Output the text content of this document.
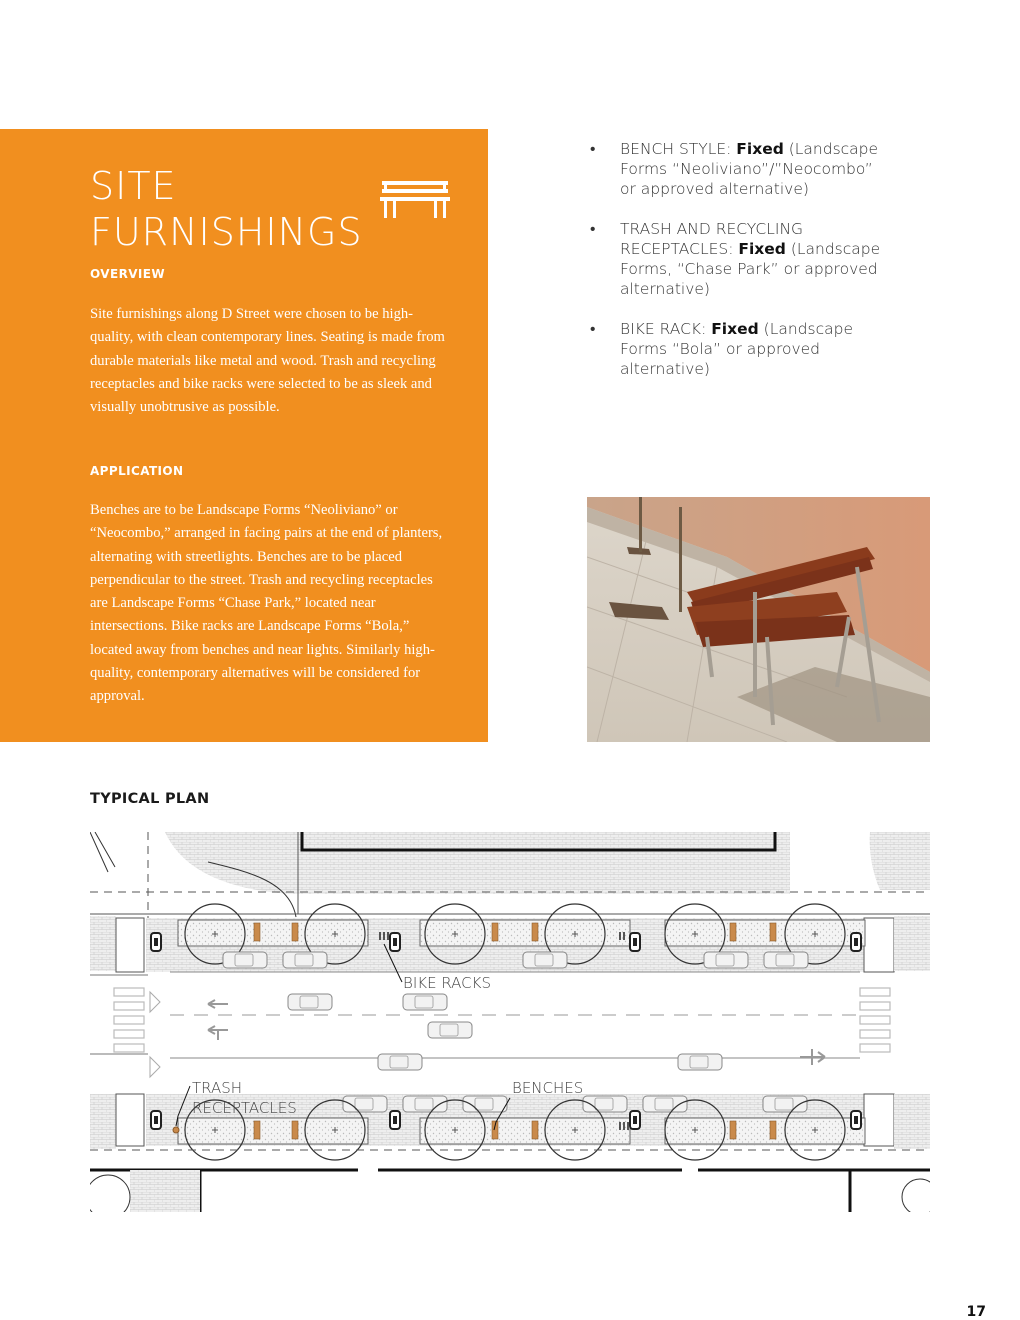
SITE
FURNISHINGS
OVERVIEW

Site furnishings along D Street were chosen to be high-quality, with clean contemporary lines. Seating is made from durable materials like metal and wood. Trash and recycling receptacles and bike racks were selected to be as sleek and visually unobtrusive as possible.

APPLICATION

Benches are to be Landscape Forms “Neoliviano” or “Neocombo,” arranged in facing pairs at the end of planters, alternating with streetlights. Benches are to be placed perpendicular to the street. Trash and recycling receptacles are Landscape Forms “Chase Park,” located near intersections. Bike racks are Landscape Forms “Bola,” located away from benches and near lights. Similarly high-quality, contemporary alternatives will be considered for approval.

• BENCH STYLE: Fixed (Landscape Forms “Neoliviano”/”Neocombo” or approved alternative)
• TRASH AND RECYCLING RECEPTACLES: Fixed (Landscape Forms, “Chase Park” or approved alternative)
• BIKE RACK: Fixed (Landscape Forms “Bola” or approved alternative)
TYPICAL PLAN
BIKE RACKS
TRASH
RECEPTACLES
BENCHES
17
